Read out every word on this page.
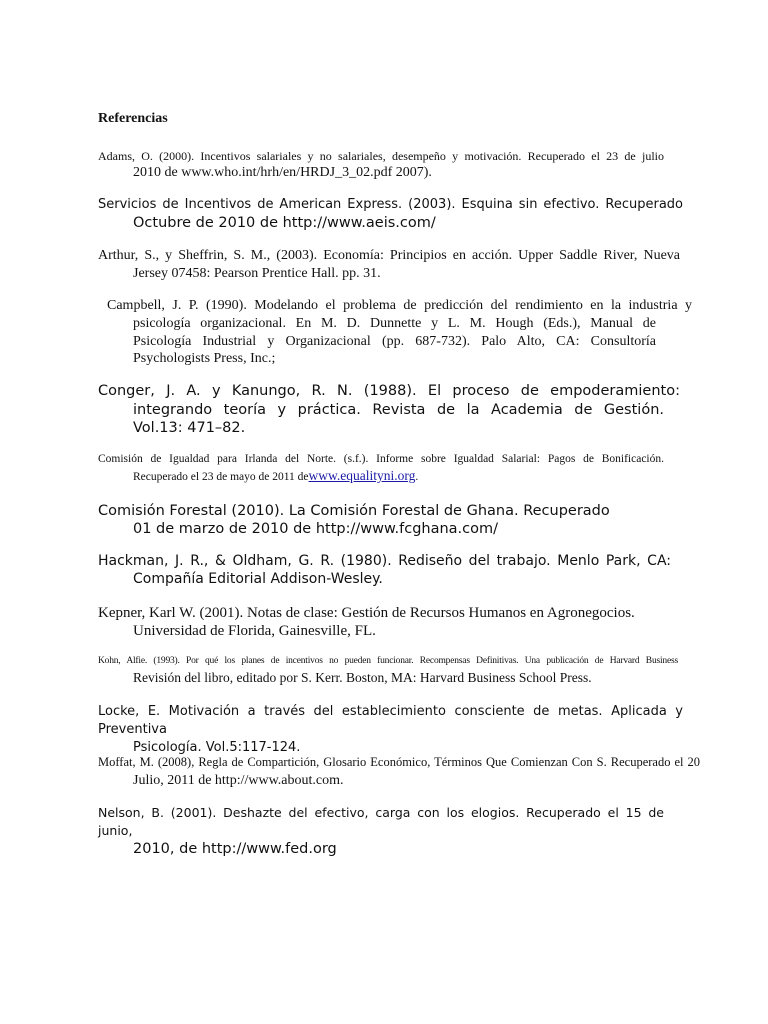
Referencias
Adams, O. (2000). Incentivos salariales y no salariales, desempeño y motivación. Recuperado el 23 de julio
2010 de www.who.int/hrh/en/HRDJ_3_02.pdf 2007).
Servicios de Incentivos de American Express. (2003). Esquina sin efectivo. Recuperado
Octubre de 2010 de http://www.aeis.com/
Arthur, S., y Sheffrin, S. M., (2003). Economía: Principios en acción. Upper Saddle River, Nueva
Jersey 07458: Pearson Prentice Hall. pp. 31.
Campbell, J. P. (1990). Modelando el problema de predicción del rendimiento en la industria y
psicología organizacional. En M. D. Dunnette y L. M. Hough (Eds.), Manual de
Psicología Industrial y Organizacional (pp. 687-732). Palo Alto, CA: Consultoría
Psychologists Press, Inc.;
Conger, J. A. y Kanungo, R. N. (1988). El proceso de empoderamiento:
integrando teoría y práctica. Revista de la Academia de Gestión.
Vol.13: 471–82.
Comisión de Igualdad para Irlanda del Norte. (s.f.). Informe sobre Igualdad Salarial: Pagos de Bonificación.
Recuperado el 23 de mayo de 2011 dewww.equalityni.org.
Comisión Forestal (2010). La Comisión Forestal de Ghana. Recuperado
01 de marzo de 2010 de http://www.fcghana.com/
Hackman, J. R., & Oldham, G. R. (1980). Rediseño del trabajo. Menlo Park, CA:
Compañía Editorial Addison-Wesley.
Kepner, Karl W. (2001). Notas de clase: Gestión de Recursos Humanos en Agronegocios.
Universidad de Florida, Gainesville, FL.
Kohn, Alfie. (1993). Por qué los planes de incentivos no pueden funcionar. Recompensas Definitivas. Una publicación de Harvard Business
Revisión del libro, editado por S. Kerr. Boston, MA: Harvard Business School Press.
Locke, E. Motivación a través del establecimiento consciente de metas. Aplicada y Preventiva
Psicología. Vol.5:117-124.
Moffat, M. (2008), Regla de Compartición, Glosario Económico, Términos Que Comienzan Con S. Recuperado el 20
Julio, 2011 de http://www.about.com.
Nelson, B. (2001). Deshazte del efectivo, carga con los elogios. Recuperado el 15 de junio,
2010, de http://www.fed.org
